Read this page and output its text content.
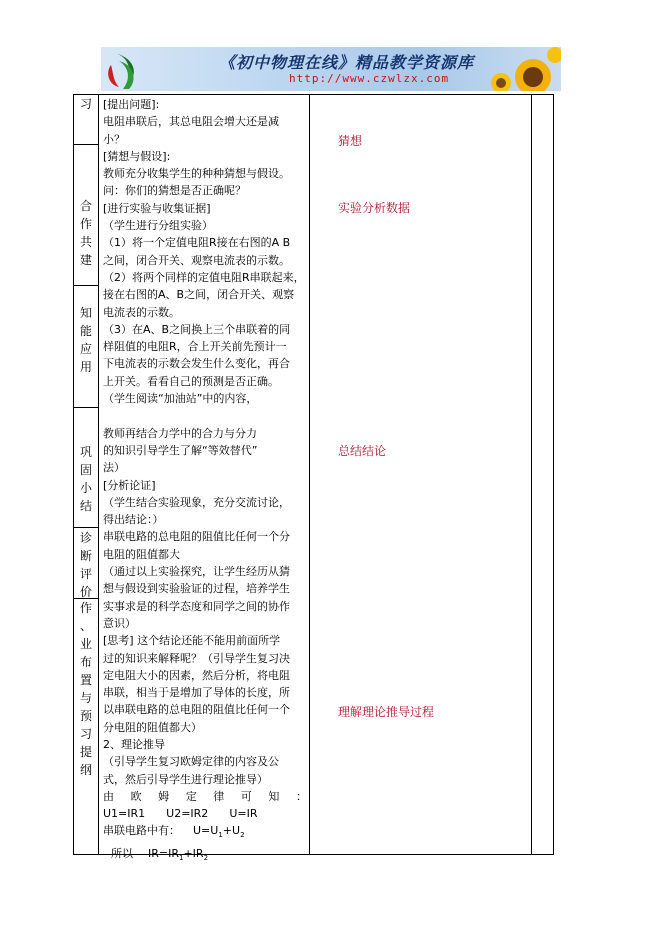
《初中物理在线》精品教学资源库
http://www.czwlzx.com
习
合
作
共
建
知
能
应
用
巩
固
小
结
诊
断
评
价
作
、
业
布
置
与
预
习
提
纲

[提出问题]:

电阻串联后，其总电阻会增大还是减

小？

[猜想与假设]:

教师充分收集学生的种种猜想与假设。

问：你们的猜想是否正确呢？

[进行实验与收集证据]

（学生进行分组实验）

（1）将一个定值电阻R接在右图的A B

之间，闭合开关、观察电流表的示数。

（2）将两个同样的定值电阻R串联起来，

接在右图的A、B之间，闭合开关、观察

电流表的示数。

（3）在A、B之间换上三个串联着的同

样阻值的电阻R，合上开关前先预计一

下电流表的示数会发生什么变化，再合

上开关。看看自己的预测是否正确。

（学生阅读“加油站”中的内容，

教师再结合力学中的合力与分力

的知识引导学生了解“等效替代”

法）

[分析论证]

（学生结合实验现象，充分交流讨论，

得出结论：）

串联电路的总电阻的阻值比任何一个分

电阻的阻值都大

（通过以上实验探究，让学生经历从猜

想与假设到实验验证的过程，培养学生

实事求是的科学态度和同学之间的协作

意识）

[思考] 这个结论还能不能用前面所学

过的知识来解释呢？（引导学生复习决

定电阻大小的因素，然后分析，将电阻

串联，相当于是增加了导体的长度，所

以串联电路的总电阻的阻值比任何一个

分电阻的阻值都大）

2、理论推导

（引导学生复习欧姆定律的内容及公

式，然后引导学生进行理论推导）

由 欧 姆 定 律 可 知 ：

U1=IR1 U2=IR2 U=IR

串联电路中有： $U=U_1+U_2$

所以 $IR=IR_1+IR_2$

猜想
实验分析数据
总结结论
理解理论推导过程
